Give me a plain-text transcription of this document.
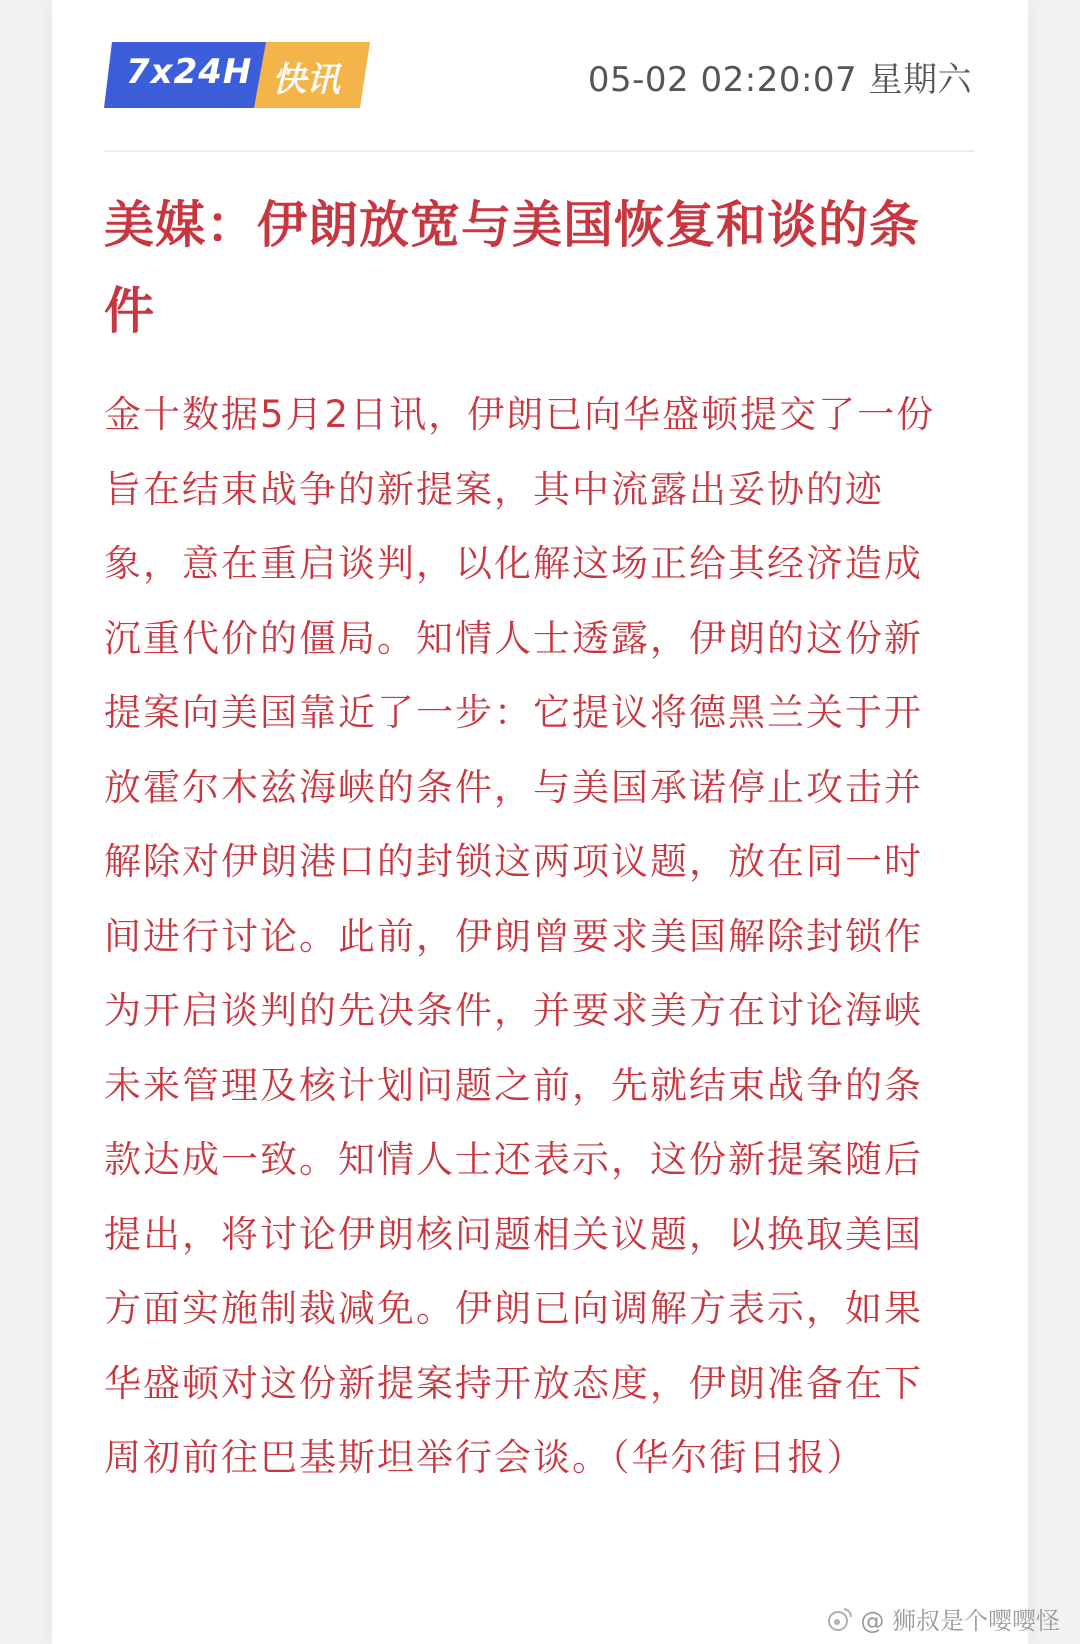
7x24H 快讯	05-02 02:20:07 星期六
美媒：伊朗放宽与美国恢复和谈的条件

金十数据5月2日讯，伊朗已向华盛顿提交了一份旨在结束战争的新提案，其中流露出妥协的迹象，意在重启谈判，以化解这场正给其经济造成沉重代价的僵局。知情人士透露，伊朗的这份新提案向美国靠近了一步：它提议将德黑兰关于开放霍尔木兹海峡的条件，与美国承诺停止攻击并解除对伊朗港口的封锁这两项议题，放在同一时间进行讨论。此前，伊朗曾要求美国解除封锁作为开启谈判的先决条件，并要求美方在讨论海峡未来管理及核计划问题之前，先就结束战争的条款达成一致。知情人士还表示，这份新提案随后提出，将讨论伊朗核问题相关议题，以换取美国方面实施制裁减免。伊朗已向调解方表示，如果华盛顿对这份新提案持开放态度，伊朗准备在下周初前往巴基斯坦举行会谈。（华尔街日报）

@ 狮叔是个嘤嘤怪
